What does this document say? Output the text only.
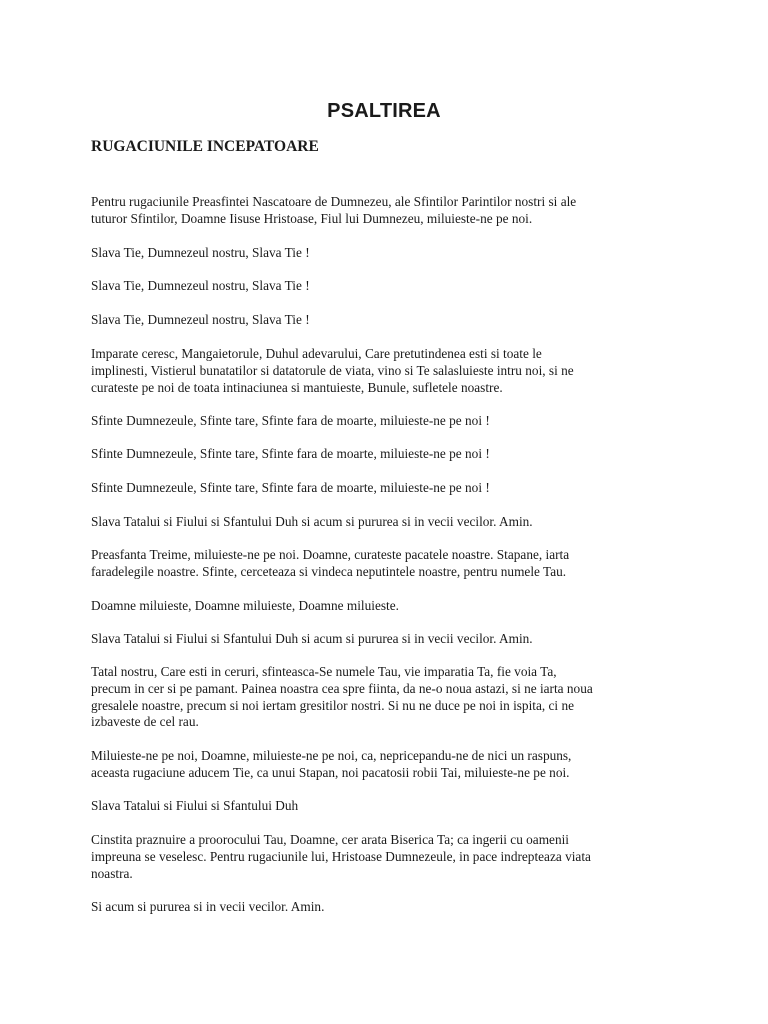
PSALTIREA
RUGACIUNILE INCEPATOARE

Pentru rugaciunile Preasfintei Nascatoare de Dumnezeu, ale Sfintilor Parintilor nostri si ale
tuturor Sfintilor, Doamne Iisuse Hristoase, Fiul lui Dumnezeu, miluieste-ne pe noi.

Slava Tie, Dumnezeul nostru, Slava Tie !

Slava Tie, Dumnezeul nostru, Slava Tie !

Slava Tie, Dumnezeul nostru, Slava Tie !

Imparate ceresc, Mangaietorule, Duhul adevarului, Care pretutindenea esti si toate le
implinesti, Vistierul bunatatilor si datatorule de viata, vino si Te salasluieste intru noi, si ne
curateste pe noi de toata intinaciunea si mantuieste, Bunule, sufletele noastre.

Sfinte Dumnezeule, Sfinte tare, Sfinte fara de moarte, miluieste-ne pe noi !

Sfinte Dumnezeule, Sfinte tare, Sfinte fara de moarte, miluieste-ne pe noi !

Sfinte Dumnezeule, Sfinte tare, Sfinte fara de moarte, miluieste-ne pe noi !

Slava Tatalui si Fiului si Sfantului Duh si acum si pururea si in vecii vecilor. Amin.

Preasfanta Treime, miluieste-ne pe noi. Doamne, curateste pacatele noastre. Stapane, iarta
faradelegile noastre. Sfinte, cerceteaza si vindeca neputintele noastre, pentru numele Tau.

Doamne miluieste, Doamne miluieste, Doamne miluieste.

Slava Tatalui si Fiului si Sfantului Duh si acum si pururea si in vecii vecilor. Amin.

Tatal nostru, Care esti in ceruri, sfinteasca-Se numele Tau, vie imparatia Ta, fie voia Ta,
precum in cer si pe pamant. Painea noastra cea spre fiinta, da ne-o noua astazi, si ne iarta noua
gresalele noastre, precum si noi iertam gresitilor nostri. Si nu ne duce pe noi in ispita, ci ne
izbaveste de cel rau.

Miluieste-ne pe noi, Doamne, miluieste-ne pe noi, ca, nepricepandu-ne de nici un raspuns,
aceasta rugaciune aducem Tie, ca unui Stapan, noi pacatosii robii Tai, miluieste-ne pe noi.

Slava Tatalui si Fiului si Sfantului Duh

Cinstita praznuire a proorocului Tau, Doamne, cer arata Biserica Ta; ca ingerii cu oamenii
impreuna se veselesc. Pentru rugaciunile lui, Hristoase Dumnezeule, in pace indrepteaza viata
noastra.

Si acum si pururea si in vecii vecilor. Amin.
